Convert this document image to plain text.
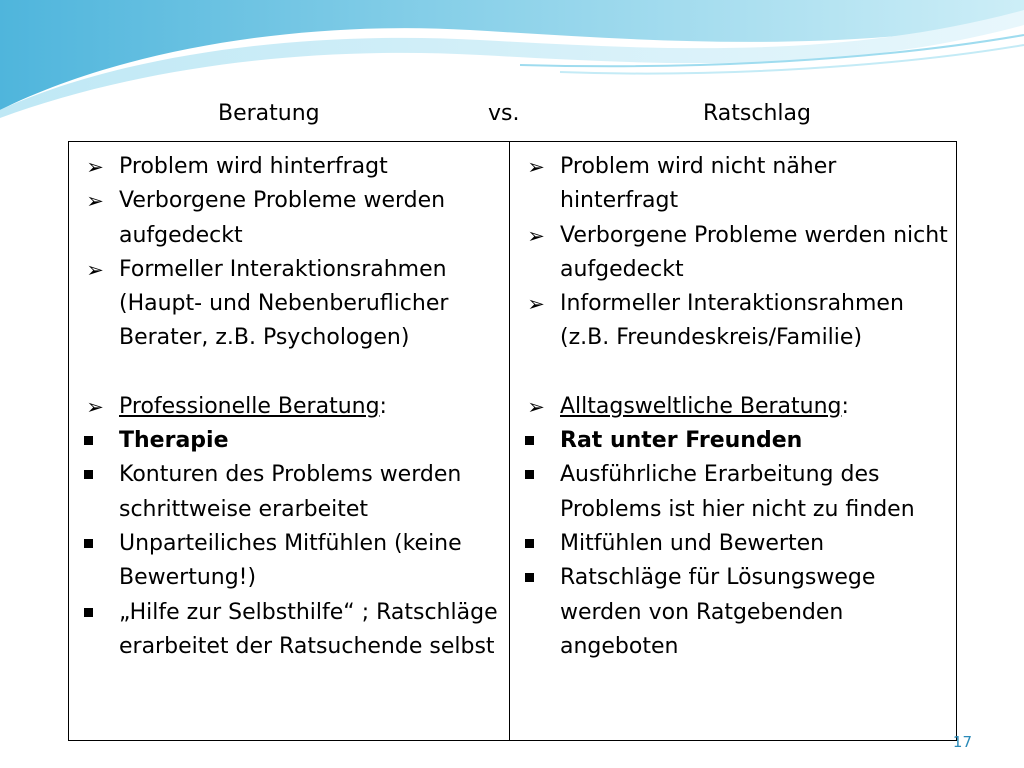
Beratung	vs.	Ratschlag
➢ Problem wird hinterfragt
➢ Verborgene Probleme werden aufgedeckt
➢ Formeller Interaktionsrahmen (Haupt- und Nebenberuflicher Berater, z.B. Psychologen)
➢ Professionelle Beratung:
Therapie
Konturen des Problems werden schrittweise erarbeitet
Unparteiliches Mitfühlen (keine Bewertung!)
„Hilfe zur Selbsthilfe“ ; Ratschläge erarbeitet der Ratsuchende selbst
➢ Problem wird nicht näher hinterfragt
➢ Verborgene Probleme werden nicht aufgedeckt
➢ Informeller Interaktionsrahmen (z.B. Freundeskreis/Familie)
➢ Alltagsweltliche Beratung:
Rat unter Freunden
Ausführliche Erarbeitung des Problems ist hier nicht zu finden
Mitfühlen und Bewerten
Ratschläge für Lösungswege werden von Ratgebenden angeboten
17
